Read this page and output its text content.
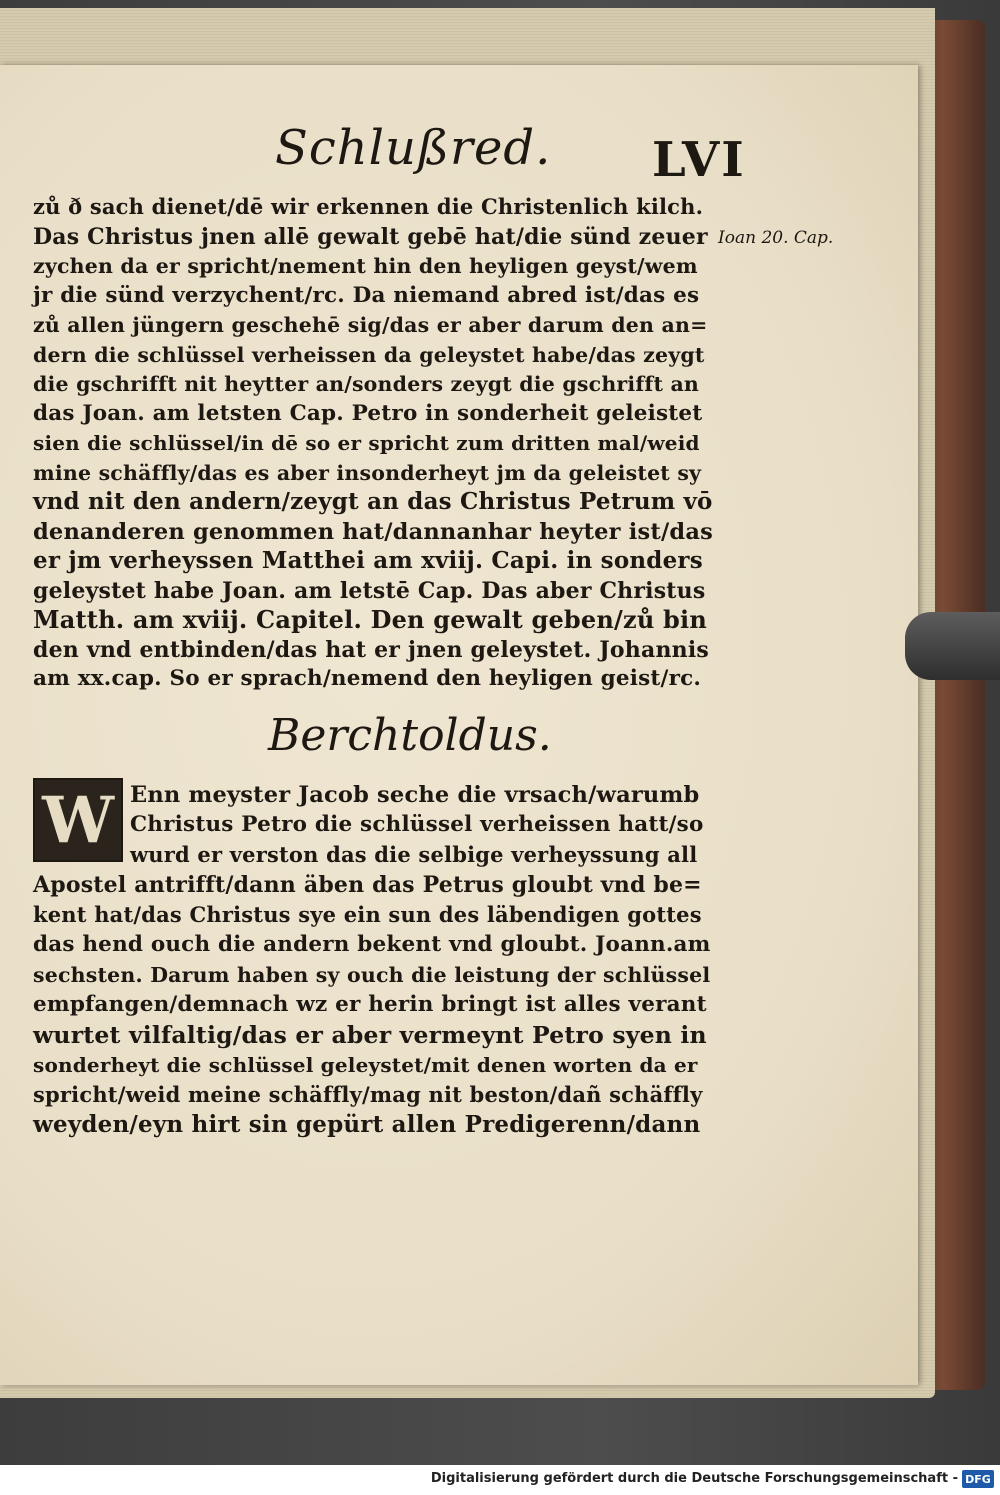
Schlußred. LVI
Ioan 20. Cap.
zů ð sach dienet/dē wir erkennen die Christenlich kilch.
Das Christus jnen allē gewalt gebē hat/die sünd zeuer
zychen da er spricht/nement hin den heyligen geyst/wem
jr die sünd verzychent/rc. Da niemand abred ist/das es
zů allen jüngern geschehē sig/das er aber darum den an=
dern die schlüssel verheissen da geleystet habe/das zeygt
die gschrifft nit heytter an/sonders zeygt die gschrifft an
das Joan. am letsten Cap. Petro in sonderheit geleistet
sien die schlüssel/in dē so er spricht zum dritten mal/weid
mine schäffly/das es aber insonderheyt jm da geleistet sy
vnd nit den andern/zeygt an das Christus Petrum vō
denanderen genommen hat/dannanhar heyter ist/das
er jm verheyssen Matthei am xviij. Capi. in sonders
geleystet habe Joan. am letstē Cap. Das aber Christus
Matth. am xviij. Capitel. Den gewalt geben/zů bin
den vnd entbinden/das hat er jnen geleystet. Johannis
am xx.cap. So er sprach/nemend den heyligen geist/rc.
Berchtoldus.
W Enn meyster Jacob seche die vrsach/warumb
Christus Petro die schlüssel verheissen hatt/so
wurd er verston das die selbige verheyssung all
Apostel antrifft/dann äben das Petrus gloubt vnd be=
kent hat/das Christus sye ein sun des läbendigen gottes
das hend ouch die andern bekent vnd gloubt. Joann.am
sechsten. Darum haben sy ouch die leistung der schlüssel
empfangen/demnach wz er herin bringt ist alles verant
wurtet vilfaltig/das er aber vermeynt Petro syen in
sonderheyt die schlüssel geleystet/mit denen worten da er
spricht/weid meine schäffly/mag nit beston/dañ schäffly
weyden/eyn hirt sin gepürt allen Predigerenn/dann
Digitalisierung gefördert durch die Deutsche Forschungsgemeinschaft - DFG
